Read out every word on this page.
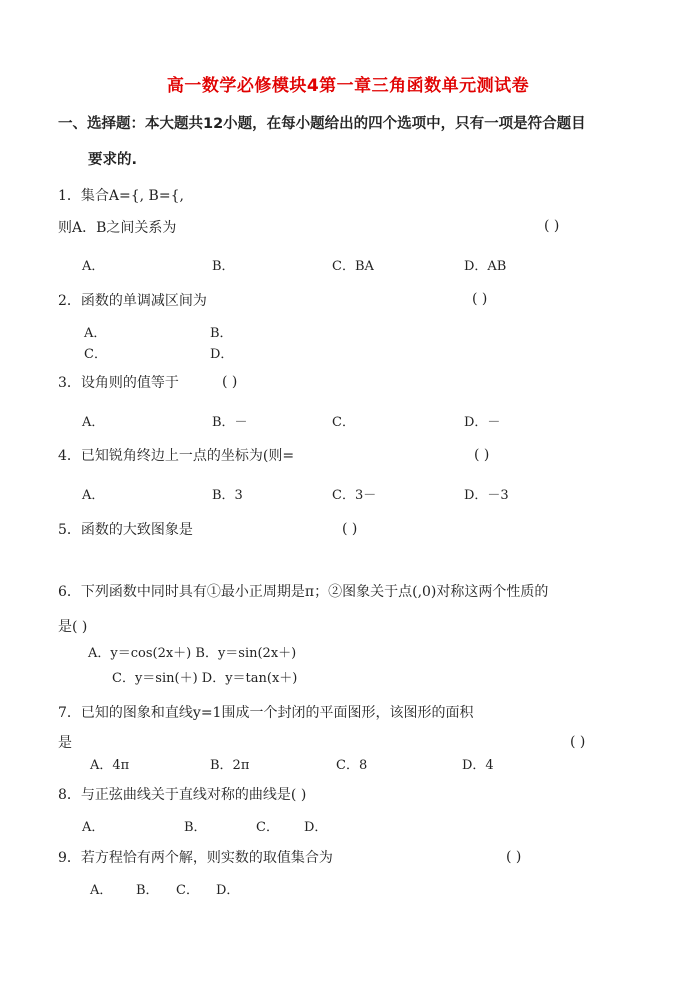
高一数学必修模块4第一章三角函数单元测试卷
一、选择题：本大题共12小题，在每小题给出的四个选项中，只有一项是符合题目
要求的.
1．集合A={, B={,
则A．B之间关系为	( )
A．	B．	C．BA	D．AB
2．函数的单调减区间为	( )
A．	B．
C．	D．
3．设角则的值等于	( )
A．	B．－	C．	D．－
4．已知锐角终边上一点的坐标为(则=	( )
A．	B．3	C．3－	D．－3
5．函数的大致图象是	( )
6．下列函数中同时具有①最小正周期是π；②图象关于点(,0)对称这两个性质的
是( )
A．y＝cos(2x＋) B．y＝sin(2x＋)
C．y＝sin(＋) D．y＝tan(x＋)
7．已知的图象和直线y=1围成一个封闭的平面图形，该图形的面积
是	( )
A．4π	B．2π	C．8	D．4
8．与正弦曲线关于直线对称的曲线是( )
A．	B．	C． D．
9．若方程恰有两个解，则实数的取值集合为	( )
A． B． C． D．
